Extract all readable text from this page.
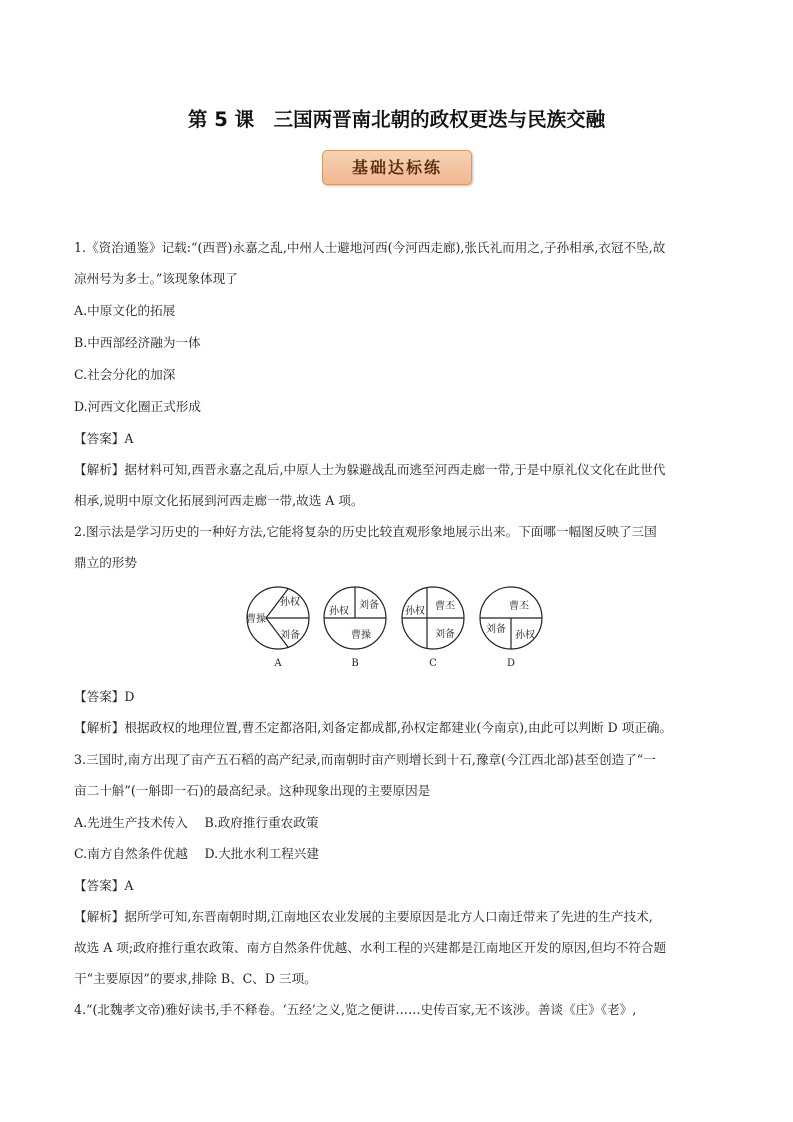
第 5 课　三国两晋南北朝的政权更迭与民族交融
基础达标练
1.《资治通鉴》记载:“(西晋)永嘉之乱,中州人士避地河西(今河西走廊),张氏礼而用之,子孙相承,衣冠不坠,故
凉州号为多士。”该现象体现了
A.中原文化的拓展
B.中西部经济融为一体
C.社会分化的加深
D.河西文化圈正式形成
【答案】A
【解析】据材料可知,西晋永嘉之乱后,中原人士为躲避战乱而逃至河西走廊一带,于是中原礼仪文化在此世代
相承,说明中原文化拓展到河西走廊一带,故选 A 项。
2.图示法是学习历史的一种好方法,它能将复杂的历史比较直观形象地展示出来。下面哪一幅图反映了三国
鼎立的形势
曹操
孙权
刘备
A
刘备
孙权
曹操
B
曹丕
孙权
刘备
C
曹丕
刘备
孙权
D
【答案】D
【解析】根据政权的地理位置,曹丕定都洛阳,刘备定都成都,孙权定都建业(今南京),由此可以判断 D 项正确。
3.三国时,南方出现了亩产五石稻的高产纪录,而南朝时亩产则增长到十石,豫章(今江西北部)甚至创造了“一
亩二十斛”(一斛即一石)的最高纪录。这种现象出现的主要原因是
A.先进生产技术传入　 B.政府推行重农政策
C.南方自然条件优越　 D.大批水利工程兴建
【答案】A
【解析】据所学可知,东晋南朝时期,江南地区农业发展的主要原因是北方人口南迁带来了先进的生产技术,
故选 A 项;政府推行重农政策、南方自然条件优越、水利工程的兴建都是江南地区开发的原因,但均不符合题
干“主要原因”的要求,排除 B、C、D 三项。
4.“(北魏孝文帝)雅好读书,手不释卷。‘五经’之义,览之便讲……史传百家,无不该涉。善谈《庄》《老》,
